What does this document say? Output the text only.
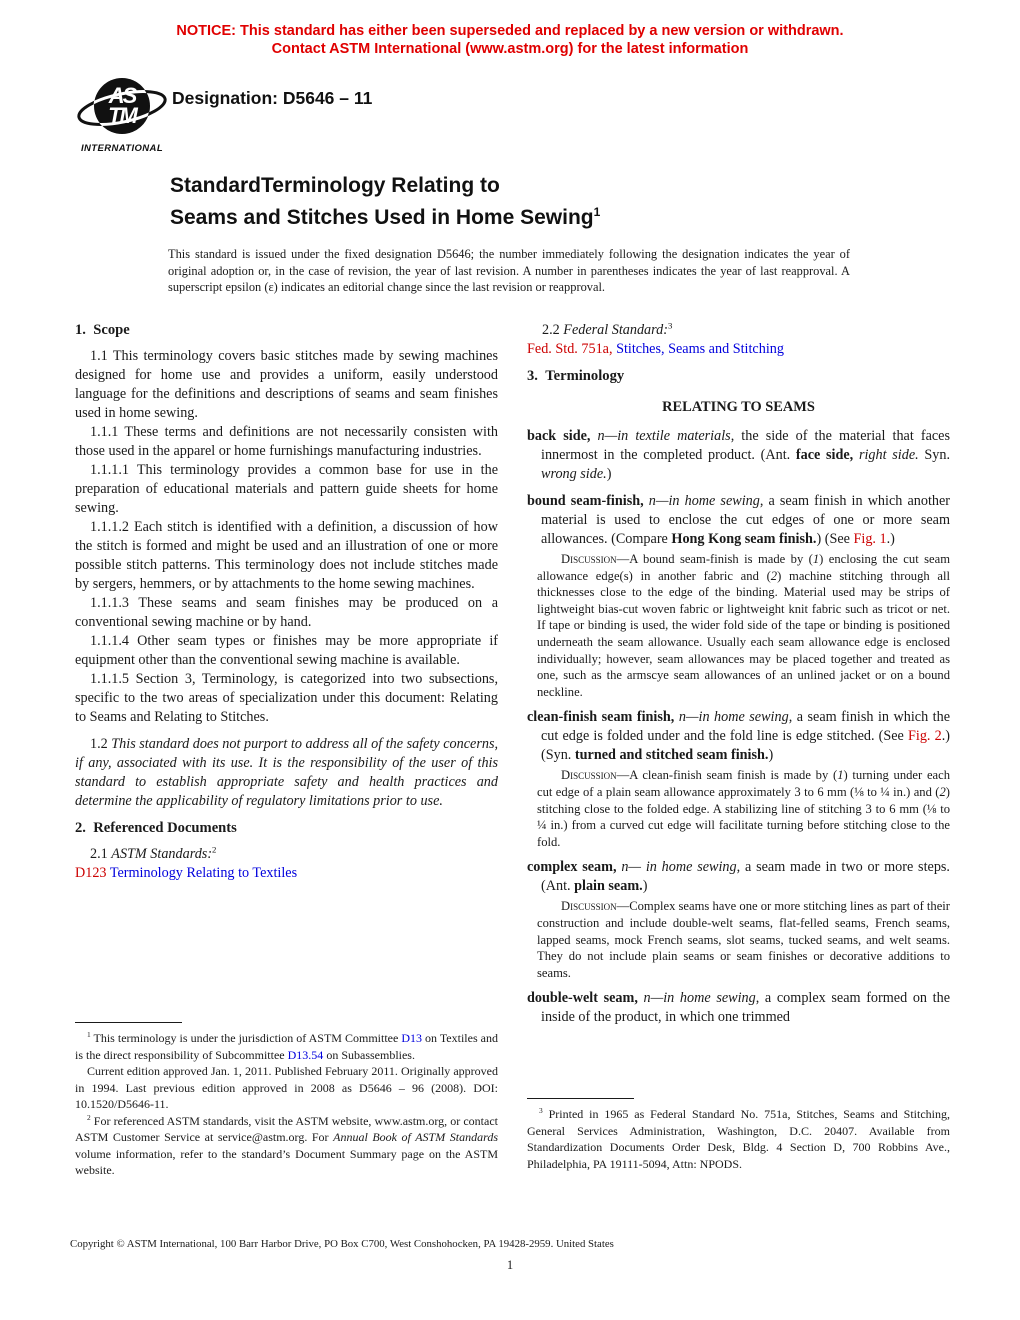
NOTICE: This standard has either been superseded and replaced by a new version or withdrawn.
Contact ASTM International (www.astm.org) for the latest information
AS
TM
INTERNATIONAL
Designation: D5646 – 11
StandardTerminology Relating to
Seams and Stitches Used in Home Sewing$^1$
This standard is issued under the fixed designation D5646; the number immediately following the designation indicates the year of original adoption or, in the case of revision, the year of last revision. A number in parentheses indicates the year of last reapproval. A superscript epsilon (ε) indicates an editorial change since the last revision or reapproval.
1. Scope
1.1 This terminology covers basic stitches made by sewing machines designed for home use and provides a uniform, easily understood language for the definitions and descriptions of seams and seam finishes used in home sewing.
1.1.1 These terms and definitions are not necessarily consisten with those used in the apparel or home furnishings manufacturing industries.
1.1.1.1 This terminology provides a common base for use in the preparation of educational materials and pattern guide sheets for home sewing.
1.1.1.2 Each stitch is identified with a definition, a discussion of how the stitch is formed and might be used and an illustration of one or more possible stitch patterns. This terminology does not include stitches made by sergers, hemmers, or by attachments to the home sewing machines.
1.1.1.3 These seams and seam finishes may be produced on a conventional sewing machine or by hand.
1.1.1.4 Other seam types or finishes may be more appropriate if equipment other than the conventional sewing machine is available.
1.1.1.5 Section 3, Terminology, is categorized into two subsections, specific to the two areas of specialization under this document: Relating to Seams and Relating to Stitches.
1.2 This standard does not purport to address all of the safety concerns, if any, associated with its use. It is the responsibility of the user of this standard to establish appropriate safety and health practices and determine the applicability of regulatory limitations prior to use.
2. Referenced Documents
2.1 ASTM Standards:$^2$
D123 Terminology Relating to Textiles
2.2 Federal Standard:$^3$
Fed. Std. 751a, Stitches, Seams and Stitching
3. Terminology
RELATING TO SEAMS
back side, n—in textile materials, the side of the material that faces innermost in the completed product. (Ant. face side, right side. Syn. wrong side.)
bound seam-finish, n—in home sewing, a seam finish in which another material is used to enclose the cut edges of one or more seam allowances. (Compare Hong Kong seam finish.) (See Fig. 1.)
Discussion—A bound seam-finish is made by (1) enclosing the cut seam allowance edge(s) in another fabric and (2) machine stitching through all thicknesses close to the edge of the binding. Material used may be strips of lightweight bias-cut woven fabric or lightweight knit fabric such as tricot or net. If tape or binding is used, the wider fold side of the tape or binding is positioned underneath the seam allowance. Usually each seam allowance edge is enclosed individually; however, seam allowances may be placed together and treated as one, such as the armscye seam allowances of an unlined jacket or on a bound neckline.
clean-finish seam finish, n—in home sewing, a seam finish in which the cut edge is folded under and the fold line is edge stitched. (See Fig. 2.) (Syn. turned and stitched seam finish.)
Discussion—A clean-finish seam finish is made by (1) turning under each cut edge of a plain seam allowance approximately 3 to 6 mm (⅛ to ¼ in.) and (2) stitching close to the folded edge. A stabilizing line of stitching 3 to 6 mm (⅛ to ¼ in.) from a curved cut edge will facilitate turning before stitching close to the fold.
complex seam, n— in home sewing, a seam made in two or more steps. (Ant. plain seam.)
Discussion—Complex seams have one or more stitching lines as part of their construction and include double-welt seams, flat-felled seams, French seams, lapped seams, mock French seams, slot seams, tucked seams, and welt seams. They do not include plain seams or seam finishes or decorative additions to seams.
double-welt seam, n—in home sewing, a complex seam formed on the inside of the product, in which one trimmed
$^1$ This terminology is under the jurisdiction of ASTM Committee D13 on Textiles and is the direct responsibility of Subcommittee D13.54 on Subassemblies.
Current edition approved Jan. 1, 2011. Published February 2011. Originally approved in 1994. Last previous edition approved in 2008 as D5646 – 96 (2008). DOI: 10.1520/D5646-11.
$^2$ For referenced ASTM standards, visit the ASTM website, www.astm.org, or contact ASTM Customer Service at service@astm.org. For Annual Book of ASTM Standards volume information, refer to the standard’s Document Summary page on the ASTM website.
$^3$ Printed in 1965 as Federal Standard No. 751a, Stitches, Seams and Stitching, General Services Administration, Washington, D.C. 20407. Available from Standardization Documents Order Desk, Bldg. 4 Section D, 700 Robbins Ave., Philadelphia, PA 19111-5094, Attn: NPODS.
Copyright © ASTM International, 100 Barr Harbor Drive, PO Box C700, West Conshohocken, PA 19428-2959. United States
1
